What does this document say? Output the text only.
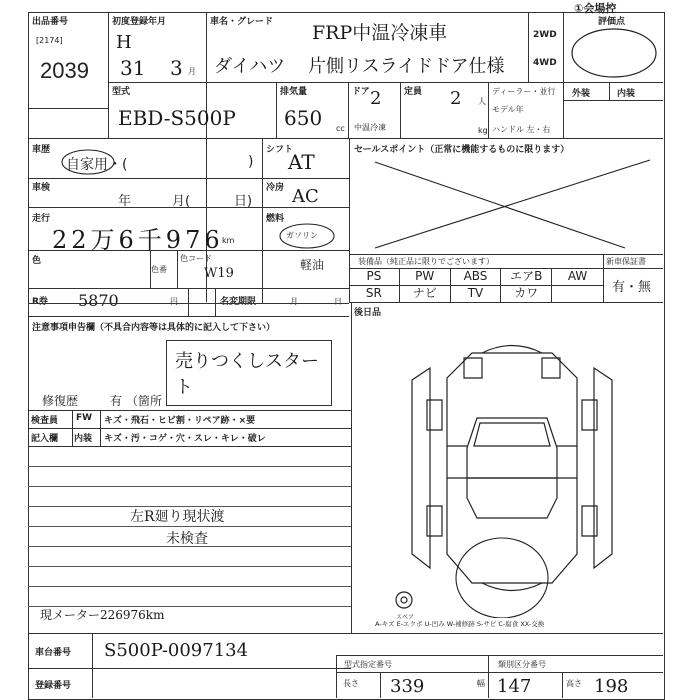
出品番号
[2174]
2039
①会場控
初度登録年月
H
31 3 月
車名・グレード FRP中温冷凍車
ダイハツ 片側リスライドドア仕様
2WD
4WD
評価点
外装	内装
型式
EBD-S500P
排気量
650 cc
ドア 2
中温冷凍
定員 2 人
kg
ディーラー・並行
モデル年
ハンドル 左・右
車歴
自家用・(	)
車検
年	月(	日)
走行
22万6千976
km
色
色番
色コード
W19
シフト
AT
冷房 AC
燃料
ガソリン
軽油
R券 5870	円	名変期限	月	日
セールスポイント（正常に機能するものに限ります）
装備品（純正品に限りでございます）	新車保証書
有・無
PS	PW	ABS	エアB	AW
SR	ナビ	TV	カワ
後日品
注意事項申告欄（不具合内容等は具体的に記入して下さい）
売りつくしスタート
修復歴	有 （箇所
検査員
記入欄
FW キズ・飛石・ヒビ割・リペア跡・×要
内装 キズ・汚・コゲ・穴・スレ・キレ・破レ
左R廻り現状渡
未検査
現メーター226976km
車台番号 S500P-0097134
登録番号
A-キズ E-エクボ U-凹み W-補修跡 S-サビ C-腐食 XX-交換
型式指定番号	類別区分番号
長さ 339	幅 147	高さ 198
スペア
